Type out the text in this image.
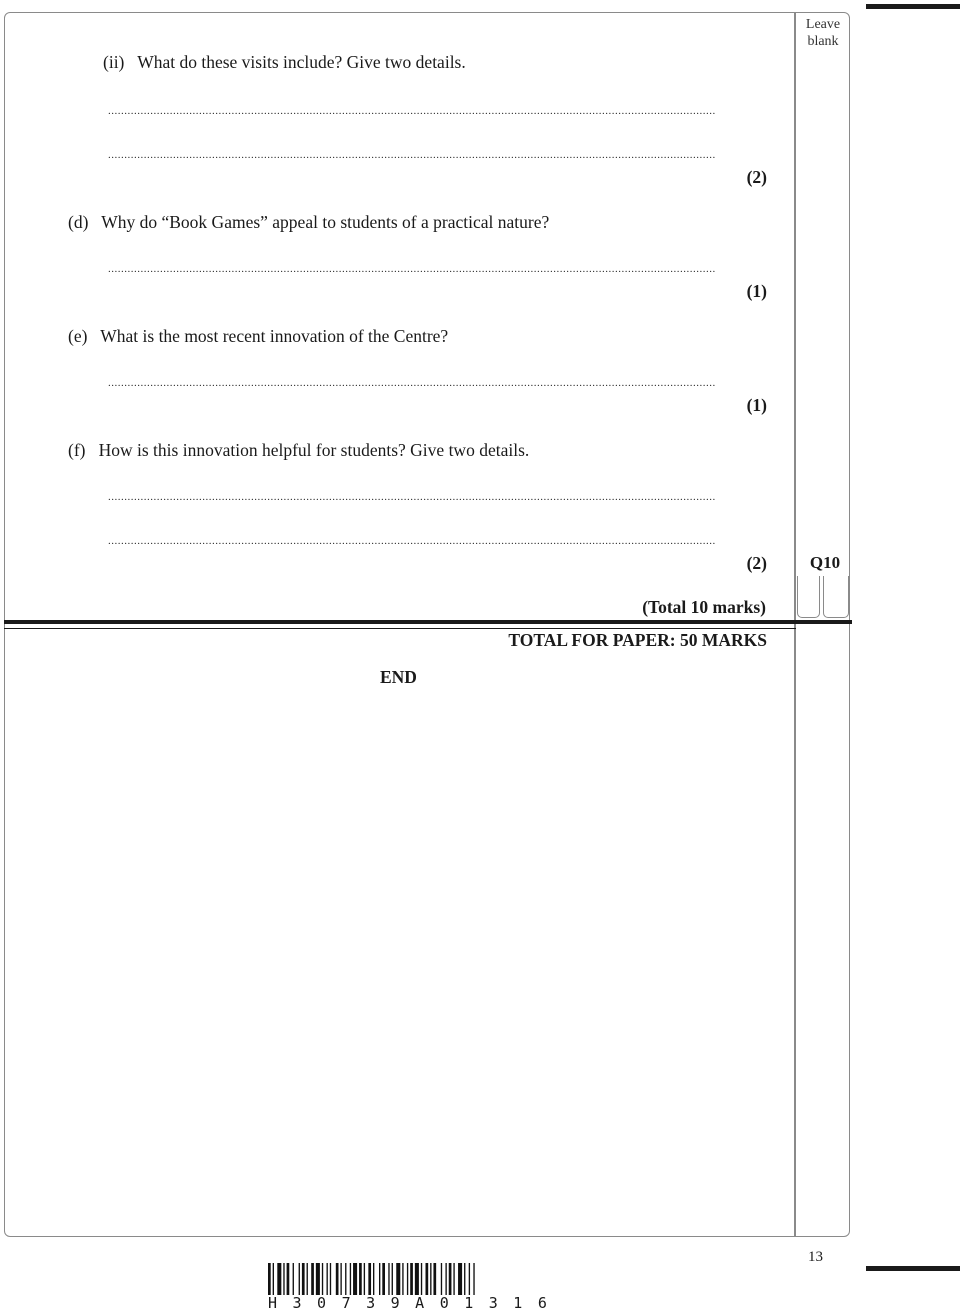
Leave blank
(ii) What do these visits include? Give two details.
...........................................................................................................................................................................................
...........................................................................................................................................................................................
(2)
(d) Why do “Book Games” appeal to students of a practical nature?
...........................................................................................................................................................................................
(1)
(e) What is the most recent innovation of the Centre?
...........................................................................................................................................................................................
(1)
(f) How is this innovation helpful for students? Give two details.
...........................................................................................................................................................................................
...........................................................................................................................................................................................
(2)	Q10
(Total 10 marks)
TOTAL FOR PAPER: 50 MARKS
END
13
H30739A01316
